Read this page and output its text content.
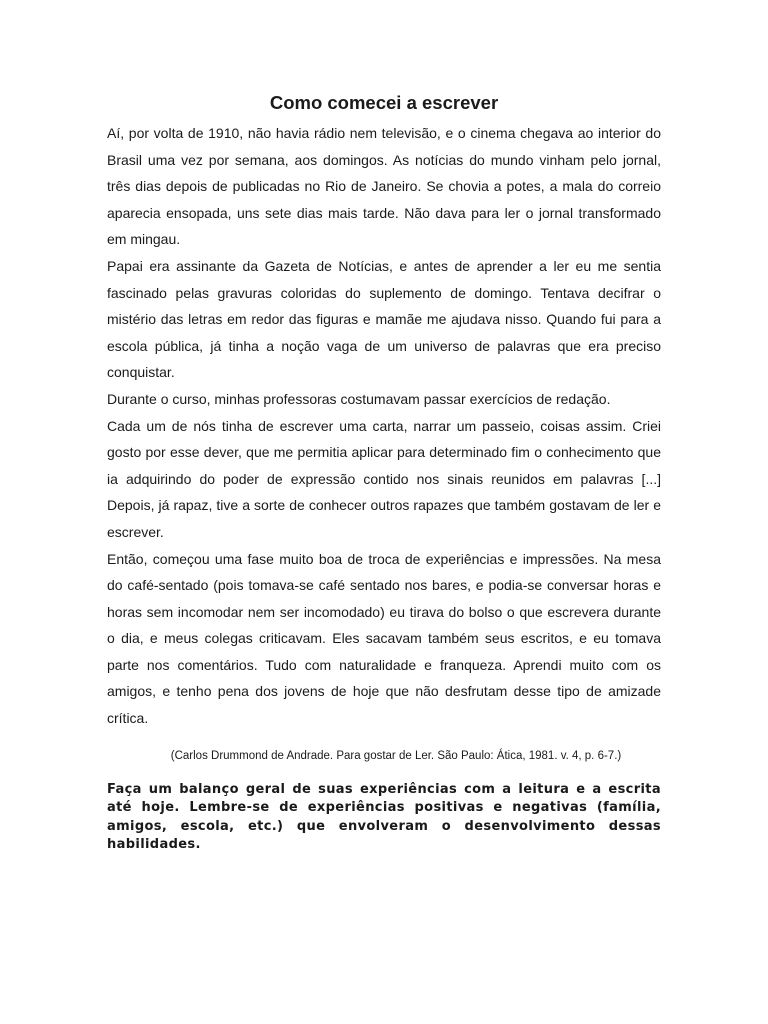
Como comecei a escrever

Aí, por volta de 1910, não havia rádio nem televisão, e o cinema chegava ao interior do Brasil uma vez por semana, aos domingos. As notícias do mundo vinham pelo jornal, três dias depois de publicadas no Rio de Janeiro. Se chovia a potes, a mala do correio aparecia ensopada, uns sete dias mais tarde. Não dava para ler o jornal transformado em mingau.

Papai era assinante da Gazeta de Notícias, e antes de aprender a ler eu me sentia fascinado pelas gravuras coloridas do suplemento de domingo. Tentava decifrar o mistério das letras em redor das figuras e mamãe me ajudava nisso. Quando fui para a escola pública, já tinha a noção vaga de um universo de palavras que era preciso conquistar.

Durante o curso, minhas professoras costumavam passar exercícios de redação.

Cada um de nós tinha de escrever uma carta, narrar um passeio, coisas assim. Criei gosto por esse dever, que me permitia aplicar para determinado fim o conhecimento que ia adquirindo do poder de expressão contido nos sinais reunidos em palavras [...] Depois, já rapaz, tive a sorte de conhecer outros rapazes que também gostavam de ler e escrever.

Então, começou uma fase muito boa de troca de experiências e impressões. Na mesa do café-sentado (pois tomava-se café sentado nos bares, e podia-se conversar horas e horas sem incomodar nem ser incomodado) eu tirava do bolso o que escrevera durante o dia, e meus colegas criticavam. Eles sacavam também seus escritos, e eu tomava parte nos comentários. Tudo com naturalidade e franqueza. Aprendi muito com os amigos, e tenho pena dos jovens de hoje que não desfrutam desse tipo de amizade crítica.

(Carlos Drummond de Andrade. Para gostar de Ler. São Paulo: Ática, 1981. v. 4, p. 6-7.)

Faça um balanço geral de suas experiências com a leitura e a escrita até hoje. Lembre-se de experiências positivas e negativas (família, amigos, escola, etc.) que envolveram o desenvolvimento dessas habilidades.
